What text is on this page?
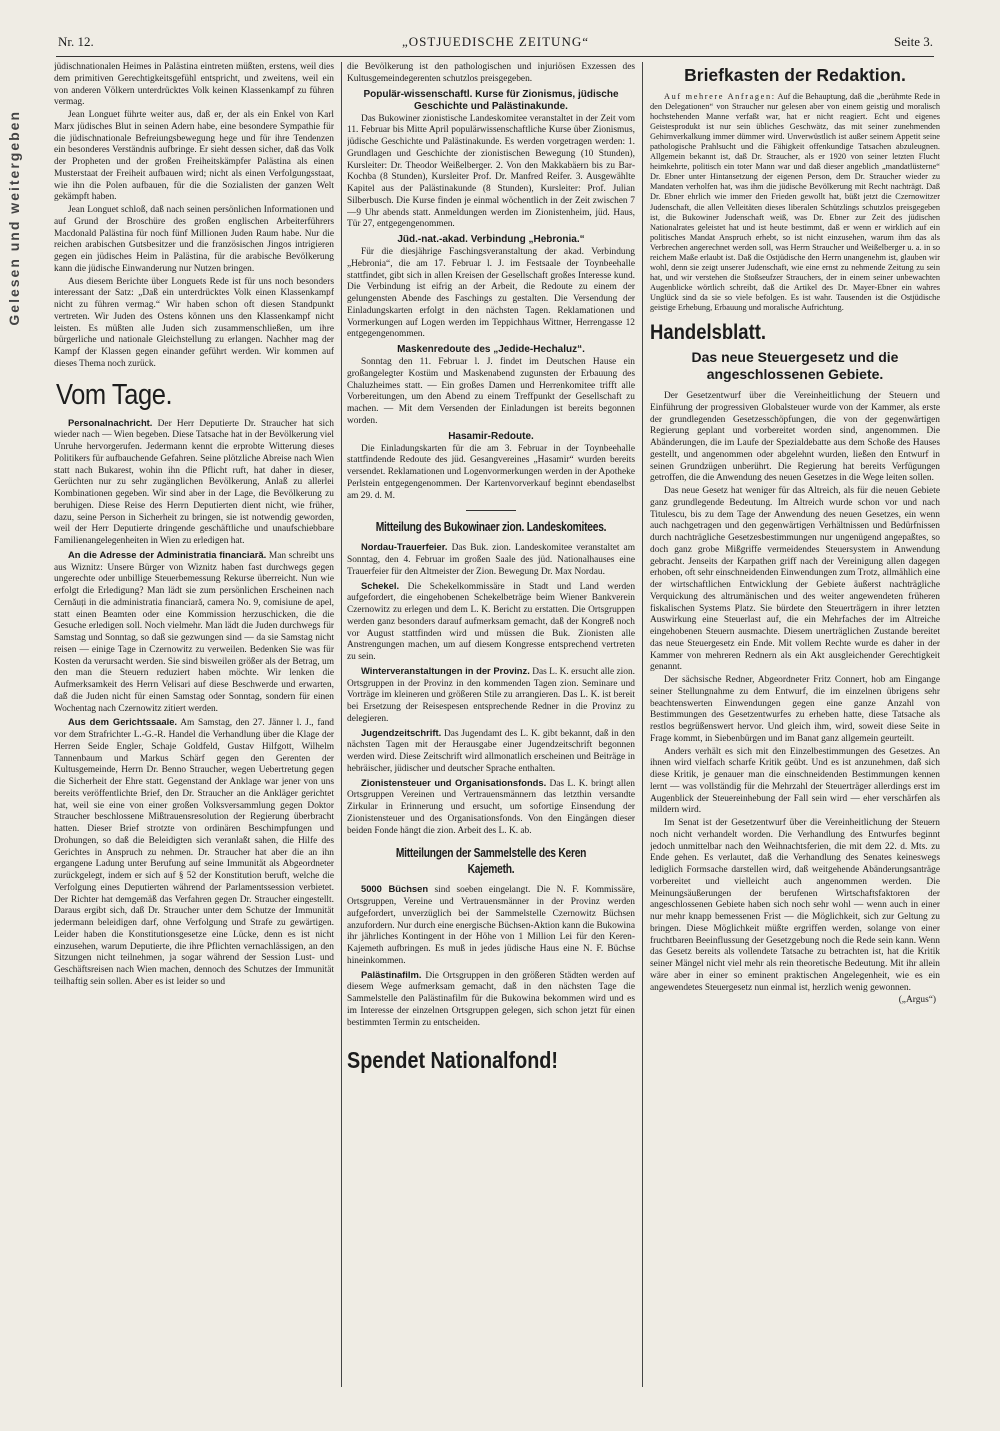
Gelesen und weitergeben
Nr. 12.	„OSTJUEDISCHE ZEITUNG“	Seite 3.

jüdischnationalen Heimes in Palästina eintreten müßten, erstens, weil dies dem primitiven Gerechtigkeitsgefühl entspricht, und zweitens, weil ein von anderen Völkern unterdrücktes Volk keinen Klassenkampf zu führen vermag.

Jean Longuet führte weiter aus, daß er, der als ein Enkel von Karl Marx jüdisches Blut in seinen Adern habe, eine besondere Sympathie für die jüdischnationale Befreiungsbewegung hege und für ihre Tendenzen ein besonderes Verständnis aufbringe. Er sieht dessen sicher, daß das Volk der Propheten und der großen Freiheitskämpfer Palästina als einen Musterstaat der Freiheit aufbauen wird; nicht als einen Verfolgungsstaat, wie ihn die Polen aufbauen, für die die Sozialisten der ganzen Welt gekämpft haben.

Jean Longuet schloß, daß nach seinen persönlichen Informationen und auf Grund der Broschüre des großen englischen Arbeiterführers Macdonald Palästina für noch fünf Millionen Juden Raum habe. Nur die reichen arabischen Gutsbesitzer und die französischen Jingos intrigieren gegen ein jüdisches Heim in Palästina, für die arabische Bevölkerung kann die jüdische Einwanderung nur Nutzen bringen.

Aus diesem Berichte über Longuets Rede ist für uns noch besonders interessant der Satz: „Daß ein unterdrücktes Volk einen Klassenkampf nicht zu führen vermag.“ Wir haben schon oft diesen Standpunkt vertreten. Wir Juden des Ostens können uns den Klassenkampf nicht leisten. Es müßten alle Juden sich zusammenschließen, um ihre bürgerliche und nationale Gleichstellung zu erlangen. Nachher mag der Kampf der Klassen gegen einander geführt werden. Wir kommen auf dieses Thema noch zurück.

Vom Tage.

Personalnachricht. Der Herr Deputierte Dr. Straucher hat sich wieder nach — Wien begeben. Diese Tatsache hat in der Bevölkerung viel Unruhe hervorgerufen. Jedermann kennt die erprobte Witterung dieses Politikers für aufbauchende Gefahren. Seine plötzliche Abreise nach Wien statt nach Bukarest, wohin ihn die Pflicht ruft, hat daher in dieser, Gerüchten nur zu sehr zugänglichen Bevölkerung, Anlaß zu allerlei Kombinationen gegeben. Wir sind aber in der Lage, die Bevölkerung zu beruhigen. Diese Reise des Herrn Deputierten dient nicht, wie früher, dazu, seine Person in Sicherheit zu bringen, sie ist notwendig geworden, weil der Herr Deputierte dringende geschäftliche und unaufschiebbare Familienangelegenheiten in Wien zu erledigen hat.

An die Adresse der Administratia financiară. Man schreibt uns aus Wiznitz: Unsere Bürger von Wiznitz haben fast durchwegs gegen ungerechte oder unbillige Steuerbemessung Rekurse überreicht. Nun wie erfolgt die Erledigung? Man lädt sie zum persönlichen Erscheinen nach Cernăuți in die administratia financiară, camera No. 9, comisiune de apel, statt einen Beamten oder eine Kommission herzuschicken, die die Gesuche erledigen soll. Noch vielmehr. Man lädt die Juden durchwegs für Samstag und Sonntag, so daß sie gezwungen sind — da sie Samstag nicht reisen — einige Tage in Czernowitz zu verweilen. Bedenken Sie was für Kosten da verursacht werden. Sie sind bisweilen größer als der Betrag, um den man die Steuern reduziert haben möchte. Wir lenken die Aufmerksamkeit des Herrn Velisari auf diese Beschwerde und erwarten, daß die Juden nicht für einen Samstag oder Sonntag, sondern für einen Wochentag nach Czernowitz zitiert werden.

Aus dem Gerichtssaale. Am Samstag, den 27. Jänner l. J., fand vor dem Strafrichter L.-G.-R. Handel die Verhandlung über die Klage der Herren Seide Engler, Schaje Goldfeld, Gustav Hilfgott, Wilhelm Tannenbaum und Markus Schärf gegen den Gerenten der Kultusgemeinde, Herrn Dr. Benno Straucher, wegen Uebertretung gegen die Sicherheit der Ehre statt. Gegenstand der Anklage war jener von uns bereits veröffentlichte Brief, den Dr. Straucher an die Ankläger gerichtet hat, weil sie eine von einer großen Volksversammlung gegen Doktor Straucher beschlossene Mißtrauensresolution der Regierung überbracht hatten. Dieser Brief strotzte von ordinären Beschimpfungen und Drohungen, so daß die Beleidigten sich veranlaßt sahen, die Hilfe des Gerichtes in Anspruch zu nehmen. Dr. Straucher hat aber die an ihn ergangene Ladung unter Berufung auf seine Immunität als Abgeordneter zurückgelegt, indem er sich auf § 52 der Konstitution beruft, welche die Verfolgung eines Deputierten während der Parlamentssession verbietet. Der Richter hat demgemäß das Verfahren gegen Dr. Straucher eingestellt. Daraus ergibt sich, daß Dr. Straucher unter dem Schutze der Immunität jedermann beleidigen darf, ohne Verfolgung und Strafe zu gewärtigen. Leider haben die Konstitutionsgesetze eine Lücke, denn es ist nicht einzusehen, warum Deputierte, die ihre Pflichten vernachlässigen, an den Sitzungen nicht teilnehmen, ja sogar während der Session Lust- und Geschäftsreisen nach Wien machen, dennoch des Schutzes der Immunität teilhaftig sein sollen. Aber es ist leider so und

die Bevölkerung ist den pathologischen und injuriösen Exzessen des Kultusgemeindegerenten schutzlos preisgegeben.

Populär-wissenschaftl. Kurse für Zionismus, jüdische Geschichte und Palästinakunde.

Das Bukowiner zionistische Landeskomitee veranstaltet in der Zeit vom 11. Februar bis Mitte April populärwissenschaftliche Kurse über Zionismus, jüdische Geschichte und Palästinakunde. Es werden vorgetragen werden: 1. Grundlagen und Geschichte der zionistischen Bewegung (10 Stunden), Kursleiter: Dr. Theodor Weißelberger. 2. Von den Makkabäern bis zu Bar-Kochba (8 Stunden), Kursleiter Prof. Dr. Manfred Reifer. 3. Ausgewählte Kapitel aus der Palästinakunde (8 Stunden), Kursleiter: Prof. Julian Silberbusch. Die Kurse finden je einmal wöchentlich in der Zeit zwischen 7—9 Uhr abends statt. Anmeldungen werden im Zionistenheim, jüd. Haus, Tür 27, entgegengenommen.

Jüd.-nat.-akad. Verbindung „Hebronia.“

Für die diesjährige Faschingsveranstaltung der akad. Verbindung „Hebronia“, die am 17. Februar l. J. im Festsaale der Toynbeehalle stattfindet, gibt sich in allen Kreisen der Gesellschaft großes Interesse kund. Die Verbindung ist eifrig an der Arbeit, die Redoute zu einem der gelungensten Abende des Faschings zu gestalten. Die Versendung der Einladungskarten erfolgt in den nächsten Tagen. Reklamationen und Vormerkungen auf Logen werden im Teppichhaus Wittner, Herrengasse 12 entgegengenommen.

Maskenredoute des „Jedide-Hechaluz“.

Sonntag den 11. Februar l. J. findet im Deutschen Hause ein großangelegter Kostüm und Maskenabend zugunsten der Erbauung des Chaluzheimes statt. — Ein großes Damen und Herrenkomitee trifft alle Vorbereitungen, um den Abend zu einem Treffpunkt der Gesellschaft zu machen. — Mit dem Versenden der Einladungen ist bereits begonnen worden.

Hasamir-Redoute.

Die Einladungskarten für die am 3. Februar in der Toynbeehalle stattfindende Redoute des jüd. Gesangvereines „Hasamir“ wurden bereits versendet. Reklamationen und Logenvormerkungen werden in der Apotheke Perlstein entgegengenommen. Der Kartenvorverkauf beginnt ebendaselbst am 29. d. M.

Mitteilung des Bukowinaer zion. Landeskomitees.

Nordau-Trauerfeier. Das Buk. zion. Landeskomitee veranstaltet am Sonntag, den 4. Februar im großen Saale des jüd. Nationalhauses eine Trauerfeier für den Altmeister der Zion. Bewegung Dr. Max Nordau.

Schekel. Die Schekelkommissäre in Stadt und Land werden aufgefordert, die eingehobenen Schekelbeträge beim Wiener Bankverein Czernowitz zu erlegen und dem L. K. Bericht zu erstatten. Die Ortsgruppen werden ganz besonders darauf aufmerksam gemacht, daß der Kongreß noch vor August stattfinden wird und müssen die Buk. Zionisten alle Anstrengungen machen, um auf diesem Kongresse entsprechend vertreten zu sein.

Winterveranstaltungen in der Provinz. Das L. K. ersucht alle zion. Ortsgruppen in der Provinz in den kommenden Tagen zion. Seminare und Vorträge im kleineren und größeren Stile zu arrangieren. Das L. K. ist bereit bei Ersetzung der Reisespesen entsprechende Redner in die Provinz zu delegieren.

Jugendzeitschrift. Das Jugendamt des L. K. gibt bekannt, daß in den nächsten Tagen mit der Herausgabe einer Jugendzeitschrift begonnen werden wird. Diese Zeitschrift wird allmonatlich erscheinen und Beiträge in hebräischer, jüdischer und deutscher Sprache enthalten.

Zionistensteuer und Organisationsfonds. Das L. K. bringt allen Ortsgruppen Vereinen und Vertrauensmännern das letzthin versandte Zirkular in Erinnerung und ersucht, um sofortige Einsendung der Zionistensteuer und des Organisationsfonds. Von den Eingängen dieser beiden Fonde hängt die zion. Arbeit des L. K. ab.

Mitteilungen der Sammelstelle des Keren Kajemeth.

5000 Büchsen sind soeben eingelangt. Die N. F. Kommissäre, Ortsgruppen, Vereine und Vertrauensmänner in der Provinz werden aufgefordert, unverzüglich bei der Sammelstelle Czernowitz Büchsen anzufordern. Nur durch eine energische Büchsen-Aktion kann die Bukowina ihr jährliches Kontingent in der Höhe von 1 Million Lei für den Keren-Kajemeth aufbringen. Es muß in jedes jüdische Haus eine N. F. Büchse hineinkommen.

Palästinafilm. Die Ortsgruppen in den größeren Städten werden auf diesem Wege aufmerksam gemacht, daß in den nächsten Tage die Sammelstelle den Palästinafilm für die Bukowina bekommen wird und es im Interesse der einzelnen Ortsgruppen gelegen, sich schon jetzt für einen bestimmten Termin zu entscheiden.

Spendet Nationalfond!
Briefkasten der Redaktion.

Auf mehrere Anfragen: Auf die Behauptung, daß die „berühmte Rede in den Delegationen“ von Straucher nur gelesen aber von einem geistig und moralisch hochstehenden Manne verfaßt war, hat er nicht reagiert. Echt und eigenes Geistesprodukt ist nur sein übliches Geschwätz, das mit seiner zunehmenden Gehirnverkalkung immer dümmer wird. Unverwüstlich ist außer seinem Appetit seine pathologische Prahlsucht und die Fähigkeit offenkundige Tatsachen abzuleugnen. Allgemein bekannt ist, daß Dr. Straucher, als er 1920 von seiner letzten Flucht heimkehrte, politisch ein toter Mann war und daß dieser angeblich „mandatlüsterne“ Dr. Ebner unter Hintansetzung der eigenen Person, dem Dr. Straucher wieder zu Mandaten verholfen hat, was ihm die jüdische Bevölkerung mit Recht nachträgt. Daß Dr. Ebner ehrlich wie immer den Frieden gewollt hat, büßt jetzt die Czernowitzer Judenschaft, die allen Velleitäten dieses liberalen Schützlings schutzlos preisgegeben ist, die Bukowiner Judenschaft weiß, was Dr. Ebner zur Zeit des jüdischen Nationalrates geleistet hat und ist heute bestimmt, daß er wenn er wirklich auf ein politisches Mandat Anspruch erhebt, so ist nicht einzusehen, warum ihm das als Verbrechen angerechnet werden soll, was Herrn Straucher und Weißelberger u. a. in so reichem Maße erlaubt ist. Daß die Ostjüdische den Herrn unangenehm ist, glauben wir wohl, denn sie zeigt unserer Judenschaft, wie eine ernst zu nehmende Zeitung zu sein hat, und wir verstehen die Stoßseufzer Strauchers, der in einem seiner unbewachten Augenblicke wörtlich schreibt, daß die Artikel des Dr. Mayer-Ebner ein wahres Unglück sind da sie so viele befolgen. Es ist wahr. Tausenden ist die Ostjüdische geistige Erhebung, Erbauung und moralische Aufrichtung.

Handelsblatt.
Das neue Steuergesetz und die angeschlossenen Gebiete.

Der Gesetzentwurf über die Vereinheitlichung der Steuern und Einführung der progressiven Globalsteuer wurde von der Kammer, als erste der grundlegenden Gesetzesschöpfungen, die von der gegenwärtigen Regierung geplant und vorbereitet worden sind, angenommen. Die Abänderungen, die im Laufe der Spezialdebatte aus dem Schoße des Hauses gestellt, und angenommen oder abgelehnt wurden, ließen den Entwurf in seinen Grundzügen unberührt. Die Regierung hat bereits Verfügungen getroffen, die die Anwendung des neuen Gesetzes in die Wege leiten sollen.

Das neue Gesetz hat weniger für das Altreich, als für die neuen Gebiete ganz grundlegende Bedeutung. Im Altreich wurde schon vor und nach Titulescu, bis zu dem Tage der Anwendung des neuen Gesetzes, ein wenn auch nachgetragen und den gegenwärtigen Verhältnissen und Bedürfnissen durch nachträgliche Gesetzesbestimmungen nur ungenügend angepaßtes, so doch ganz grobe Mißgriffe vermeidendes Steuersystem in Anwendung gebracht. Jenseits der Karpathen griff nach der Vereinigung allen dagegen erhoben, oft sehr einschneidenden Einwendungen zum Trotz, allmählich eine der wirtschaftlichen Entwicklung der Gebiete äußerst nachträgliche Verquickung des altrumänischen und des weiter angewendeten früheren fiskalischen Systems Platz. Sie bürdete den Steuerträgern in ihrer letzten Auswirkung eine Steuerlast auf, die ein Mehrfaches der im Altreiche eingehobenen Steuern ausmachte. Diesem unerträglichen Zustande bereitet das neue Steuergesetz ein Ende. Mit vollem Rechte wurde es daher in der Kammer von mehreren Rednern als ein Akt ausgleichender Gerechtigkeit genannt.

Der sächsische Redner, Abgeordneter Fritz Connert, hob am Eingange seiner Stellungnahme zu dem Entwurf, die im einzelnen übrigens sehr beachtenswerten Einwendungen gegen eine ganze Anzahl von Bestimmungen des Gesetzentwurfes zu erheben hatte, diese Tatsache als restlos begrüßenswert hervor. Und gleich ihm, wird, soweit diese Seite in Frage kommt, in Siebenbürgen und im Banat ganz allgemein geurteilt.

Anders verhält es sich mit den Einzelbestimmungen des Gesetzes. An ihnen wird vielfach scharfe Kritik geübt. Und es ist anzunehmen, daß sich diese Kritik, je genauer man die einschneidenden Bestimmungen kennen lernt — was vollständig für die Mehrzahl der Steuerträger allerdings erst im Augenblick der Steuereinhebung der Fall sein wird — eher verschärfen als mildern wird.

Im Senat ist der Gesetzentwurf über die Vereinheitlichung der Steuern noch nicht verhandelt worden. Die Verhandlung des Entwurfes beginnt jedoch unmittelbar nach den Weihnachtsferien, die mit dem 22. d. Mts. zu Ende gehen. Es verlautet, daß die Verhandlung des Senates keineswegs lediglich Formsache darstellen wird, daß weitgehende Abänderungsanträge vorbereitet und vielleicht auch angenommen werden. Die Meinungsäußerungen der berufenen Wirtschaftsfaktoren der angeschlossenen Gebiete haben sich noch sehr wohl — wenn auch in einer nur mehr knapp bemessenen Frist — die Möglichkeit, sich zur Geltung zu bringen. Diese Möglichkeit müßte ergriffen werden, solange von einer fruchtbaren Beeinflussung der Gesetzgebung noch die Rede sein kann. Wenn das Gesetz bereits als vollendete Tatsache zu betrachten ist, hat die Kritik seiner Mängel nicht viel mehr als rein theoretische Bedeutung. Mit ihr allein wäre aber in einer so eminent praktischen Angelegenheit, wie es ein angewendetes Steuergesetz nun einmal ist, herzlich wenig gewonnen.

(„Argus“)
